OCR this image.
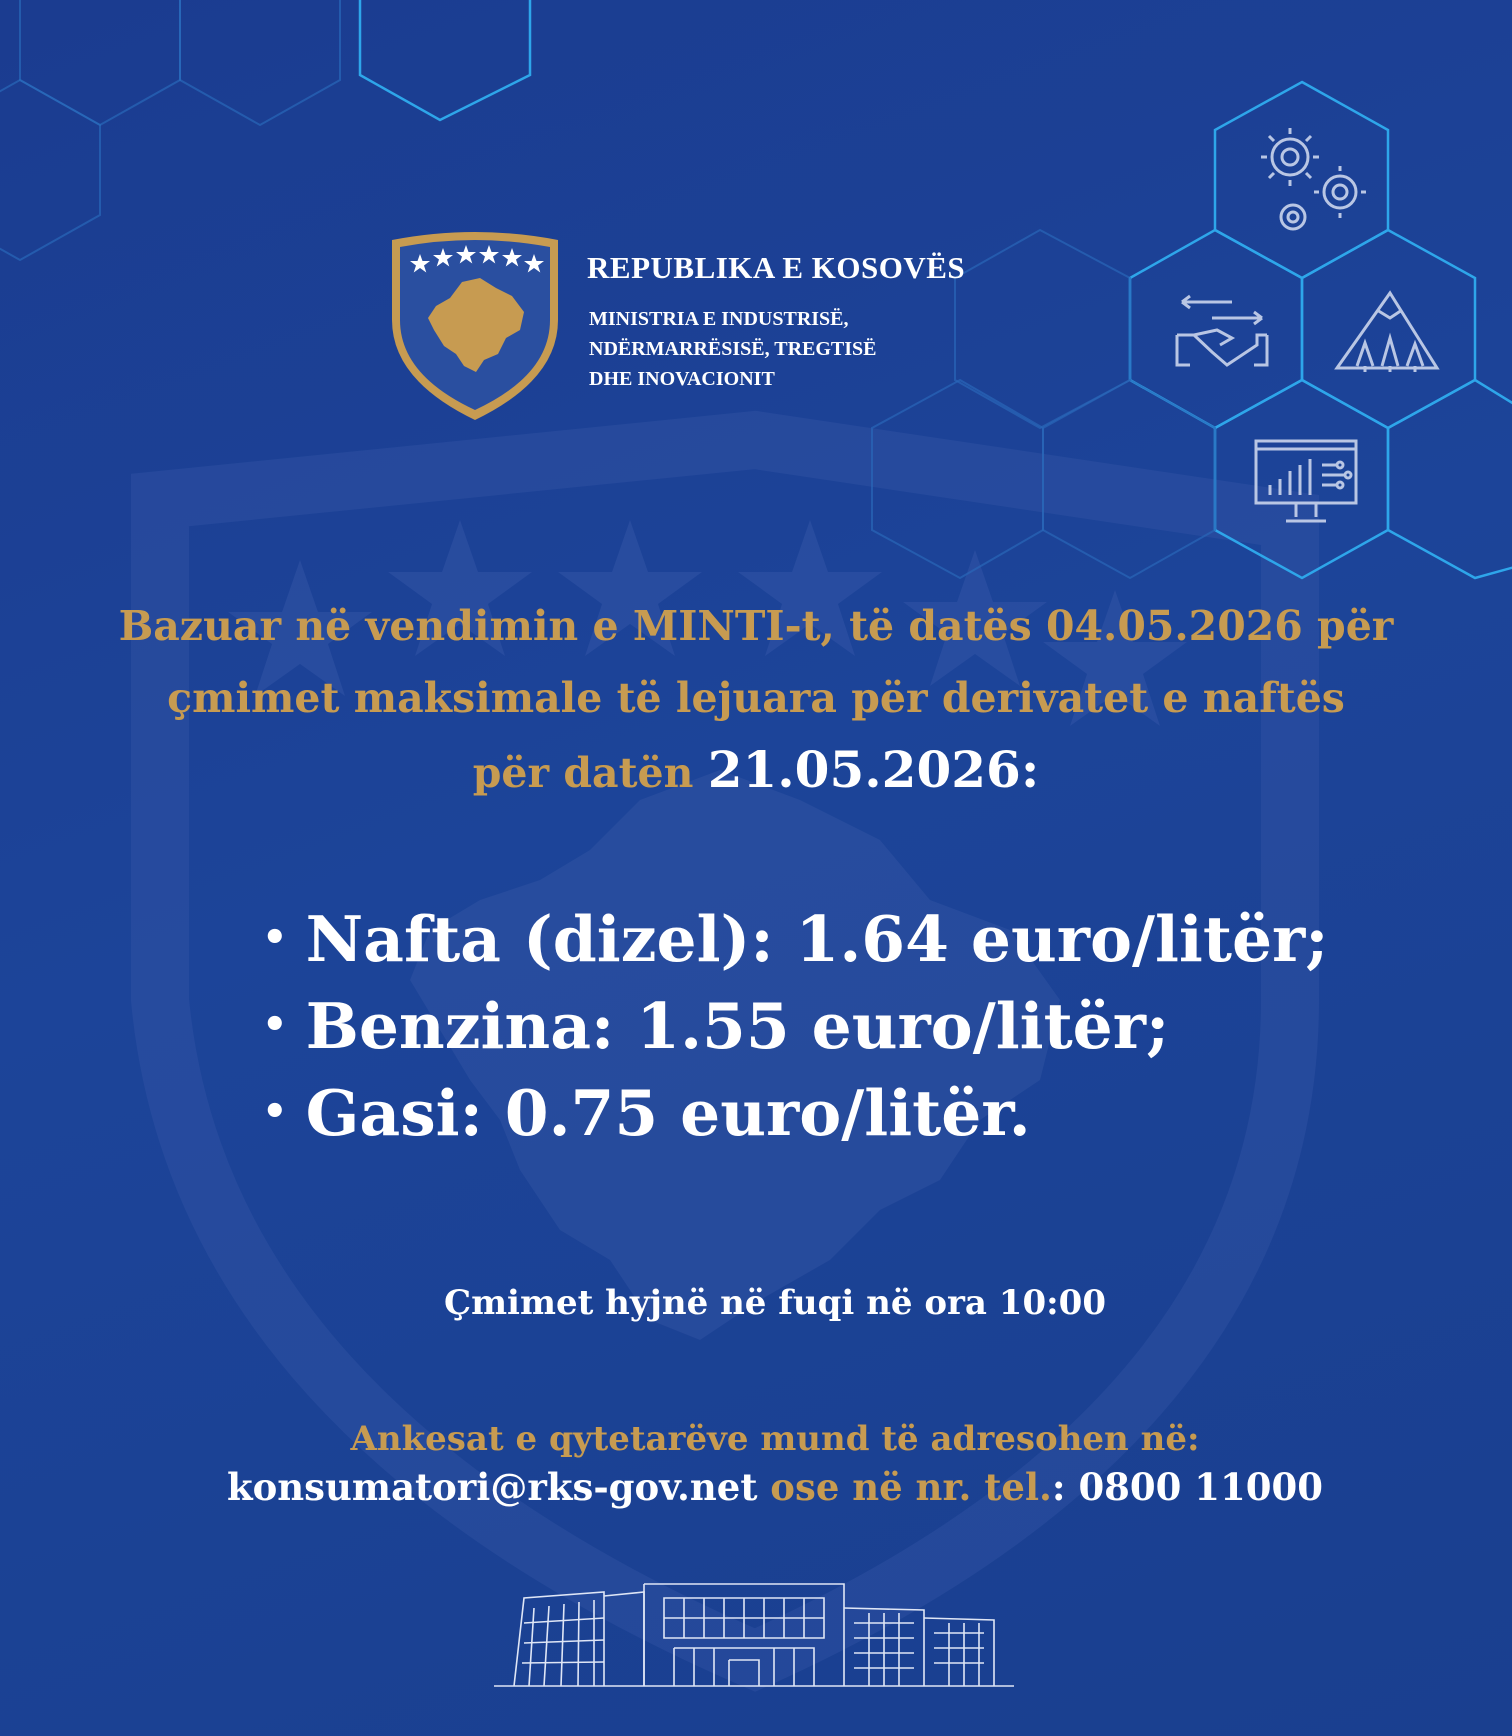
REPUBLIKA E KOSOVËS
MINISTRIA E INDUSTRISË,
NDËRMARRËSISË, TREGTISË
DHE INOVACIONIT
Bazuar në vendimin e MINTI-t, të datës 04.05.2026 për
çmimet maksimale të lejuara për derivatet e naftës
për datën 21.05.2026:
• Nafta (dizel): 1.64 euro/litër;
• Benzina: 1.55 euro/litër;
• Gasi: 0.75 euro/litër.
Çmimet hyjnë në fuqi në ora 10:00
Ankesat e qytetarëve mund të adresohen në:
konsumatori@rks-gov.net ose në nr. tel.: 0800 11000
